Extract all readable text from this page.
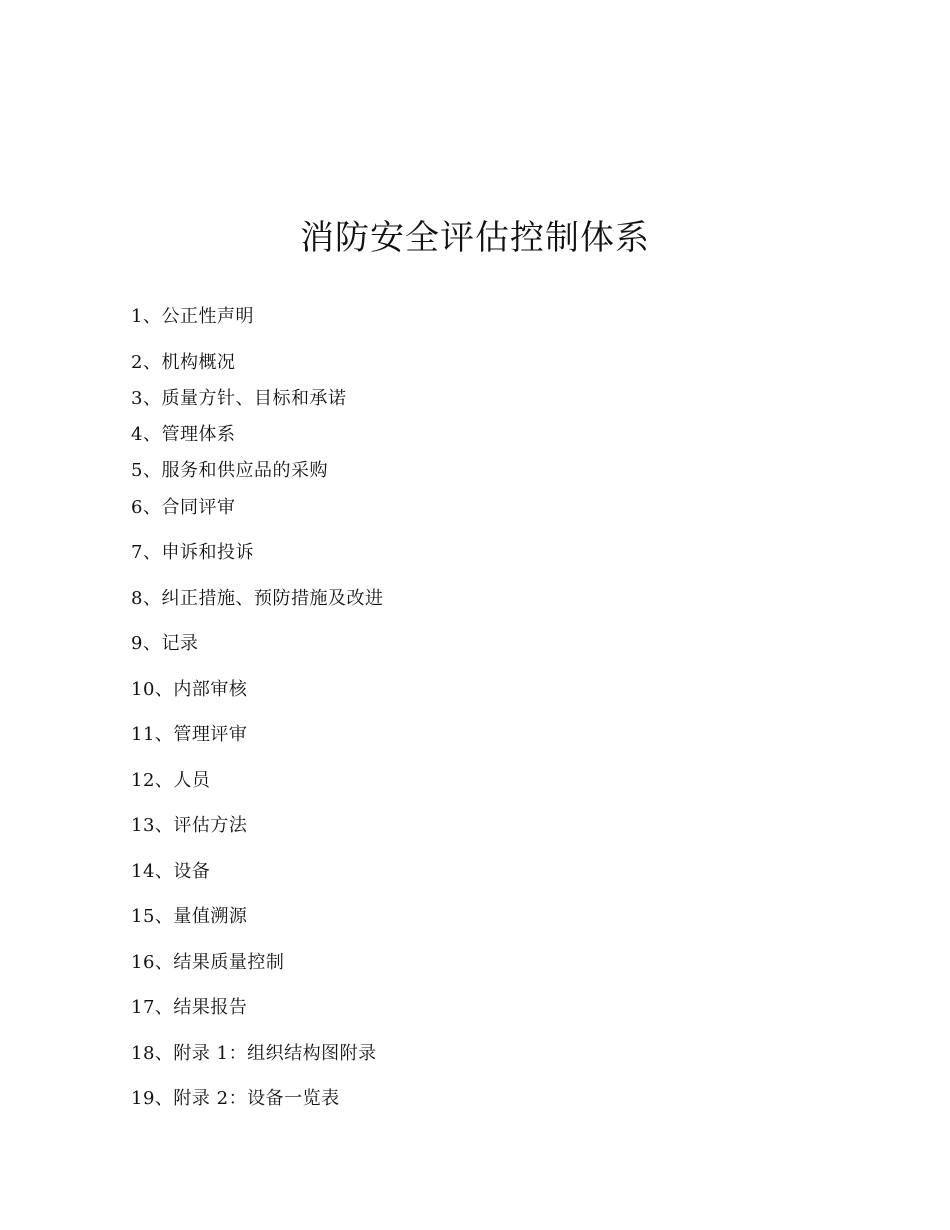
消防安全评估控制体系
1、公正性声明
2、机构概况
3、质量方针、目标和承诺
4、管理体系
5、服务和供应品的采购
6、合同评审
7、申诉和投诉
8、纠正措施、预防措施及改进
9、记录
10、内部审核
11、管理评审
12、人员
13、评估方法
14、设备
15、量值溯源
16、结果质量控制
17、结果报告
18、附录 1：组织结构图附录
19、附录 2：设备一览表
